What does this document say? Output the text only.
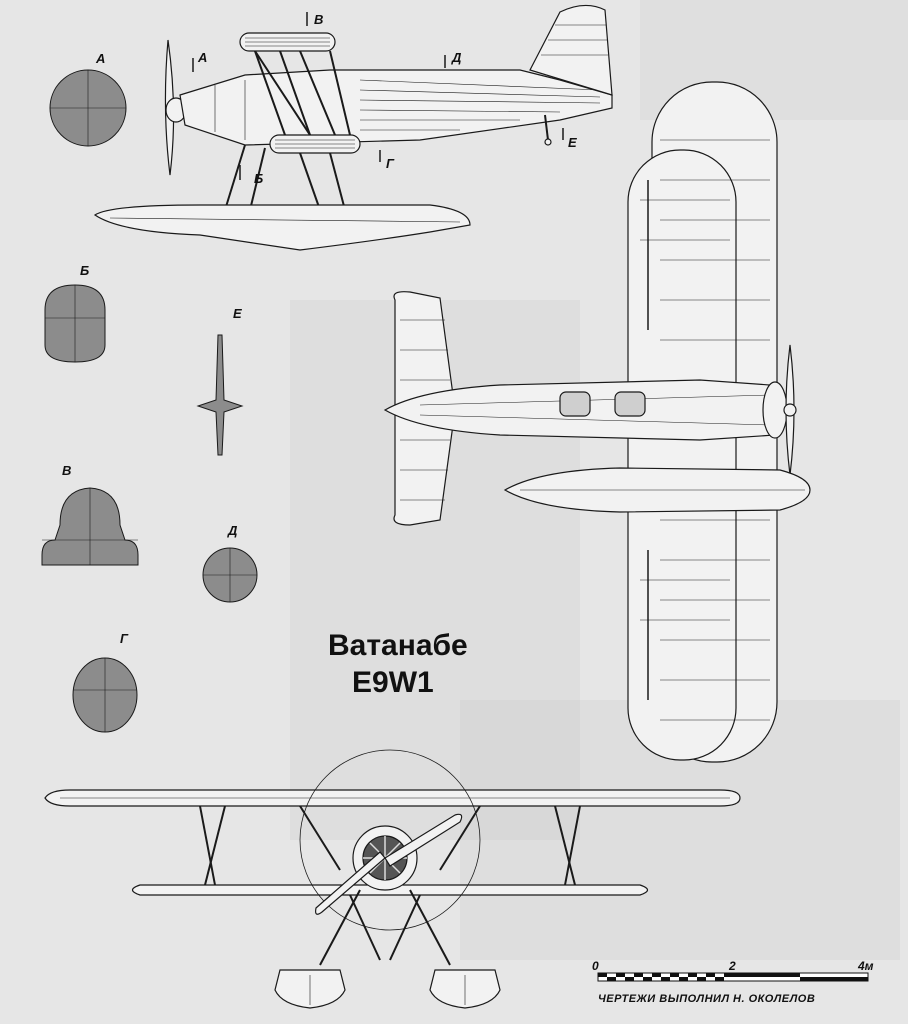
А
Б
В
Д
Г
Е
А
Б
Е
В
Д
Г	Ватанабе
E9W1
0	2	4м
ЧЕРТЕЖИ ВЫПОЛНИЛ Н. ОКОЛЕЛОВ
